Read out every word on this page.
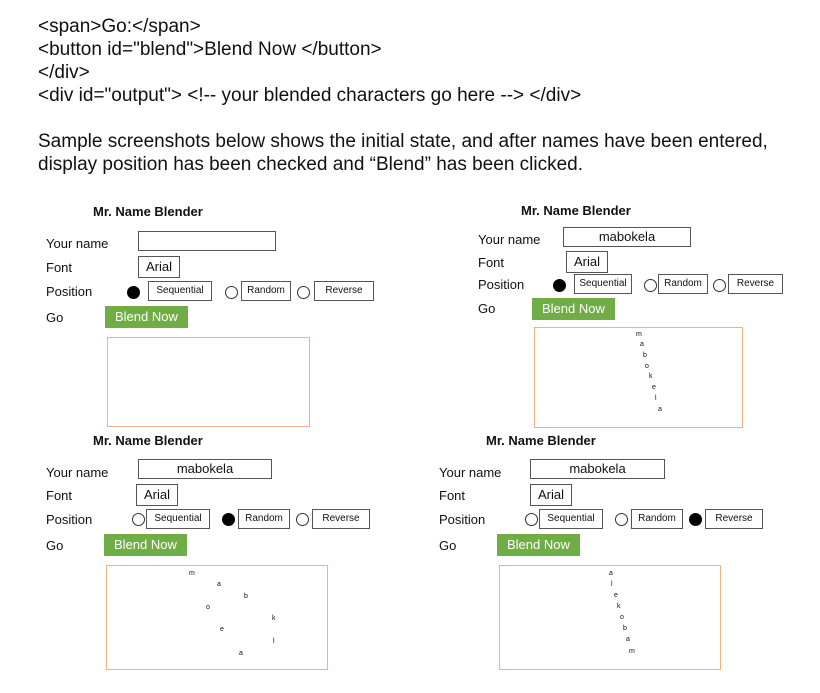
<span>Go:</span>
<button id="blend">Blend Now </button>
</div>
<div id="output"> <!-- your blended characters go here --> </div>
Sample screenshots below shows the initial state, and after names have been entered, display position has been checked and “Blend” has been clicked.
Mr. Name Blender
Your name
Font	Arial
Position	Sequential	Random	Reverse
Go	Blend Now
Mr. Name Blender
Your name	mabokela
Font	Arial
Position	Sequential	Random	Reverse
Go	Blend Now
m
a
b
o
k
e
l
a
Mr. Name Blender
Your name	mabokela
Font	Arial
Position	Sequential	Random	Reverse
Go	Blend Now
m
a
b
o
k
e
l
a
Mr. Name Blender
Your name	mabokela
Font	Arial
Position	Sequential	Random	Reverse
Go	Blend Now
a
l
e
k
o
b
a
m
